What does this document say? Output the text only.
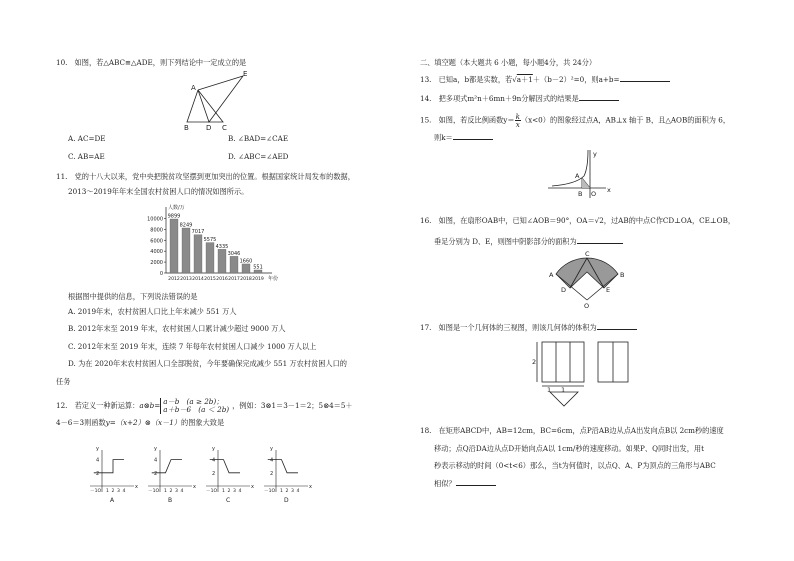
10.　如图，若△ABC≌△ADE，则下列结论中一定成立的是
A
E
B D C
A. AC=DE	B. ∠BAD=∠CAE
C. AB=AE	D. ∠ABC=∠AED
11.　党的十八大以来，党中央把脱贫攻坚摆到更加突出的位置。根据国家统计局发布的数据，
2013～2019年年末全国农村贫困人口的情况如图所示。
人数/万
年份
0
2000
4000
6000
8000
10000 9899
2012
8249
2013
7017
2014
5575
2015
4335
2016
3046
2017
1660
2018
551
2019
根据图中提供的信息，下列说法错误的是
A. 2019年末，农村贫困人口比上年末减少 551 万人
B. 2012年末至 2019 年末，农村贫困人口累计减少超过 9000 万人
C. 2012年末至 2019 年末，连续 7 年每年农村贫困人口减少 1000 万人以上
D. 为在 2020年末农村贫困人口全部脱贫，今年要确保完成减少 551 万农村贫困人口的
任务
12.　若定义一种新运算：a⊗b= a－b　(a ≥ 2b)；
a＋b－6　(a ＜ 2b) ，例如：3⊗1＝3－1＝2；5⊗4＝5＋
4－6＝3则函数y=（x+2）⊗（x－1）的图象大致是
y
x
4
2
1 2 3 4
－1O
A
y
x
4
2
1 2 3 4
－1O
B
y
x
4
2
1 2 3 4
－1O
C
y
x
4
2
1 2 3 4
－1O
D
二、填空题（本大题共 6 小题，每小题4分，共 24分）
13.　已知a，b都是实数，若√a＋1＋（b－2）²=0，则a+b=
14.　把多项式m²n＋6mn＋9n分解因式的结果是
15.　如图，若反比例函数$y= \frac{k}{x} (x<0)$的图象经过点A，AB⊥x 轴于 B，且△AOB的面积为 6，
则k＝
y
A
B O x
16.　如图，在扇形OAB中，已知∠AOB＝90°，OA＝√2，过AB的中点C作CD⊥OA，CE⊥OB，
垂足分别为 D、E，则图中阴影部分的面积为
C
A	B
D	E
O
17.　如图是一个几何体的三视图，则该几何体的体积为
2
1 1
18.　在矩形ABCD中，AB=12cm，BC=6cm，点P沿AB边从点A出发向点B以 2cm秒的速度
移动；点Q沿DA边从点D开始向点A以 1cm/秒的速度移动。如果P、Q同时出发，用t
秒表示移动的时间（0<t<6）那么，当t为何值时，以点Q、A、P为顶点的三角形与ABC
相似？
